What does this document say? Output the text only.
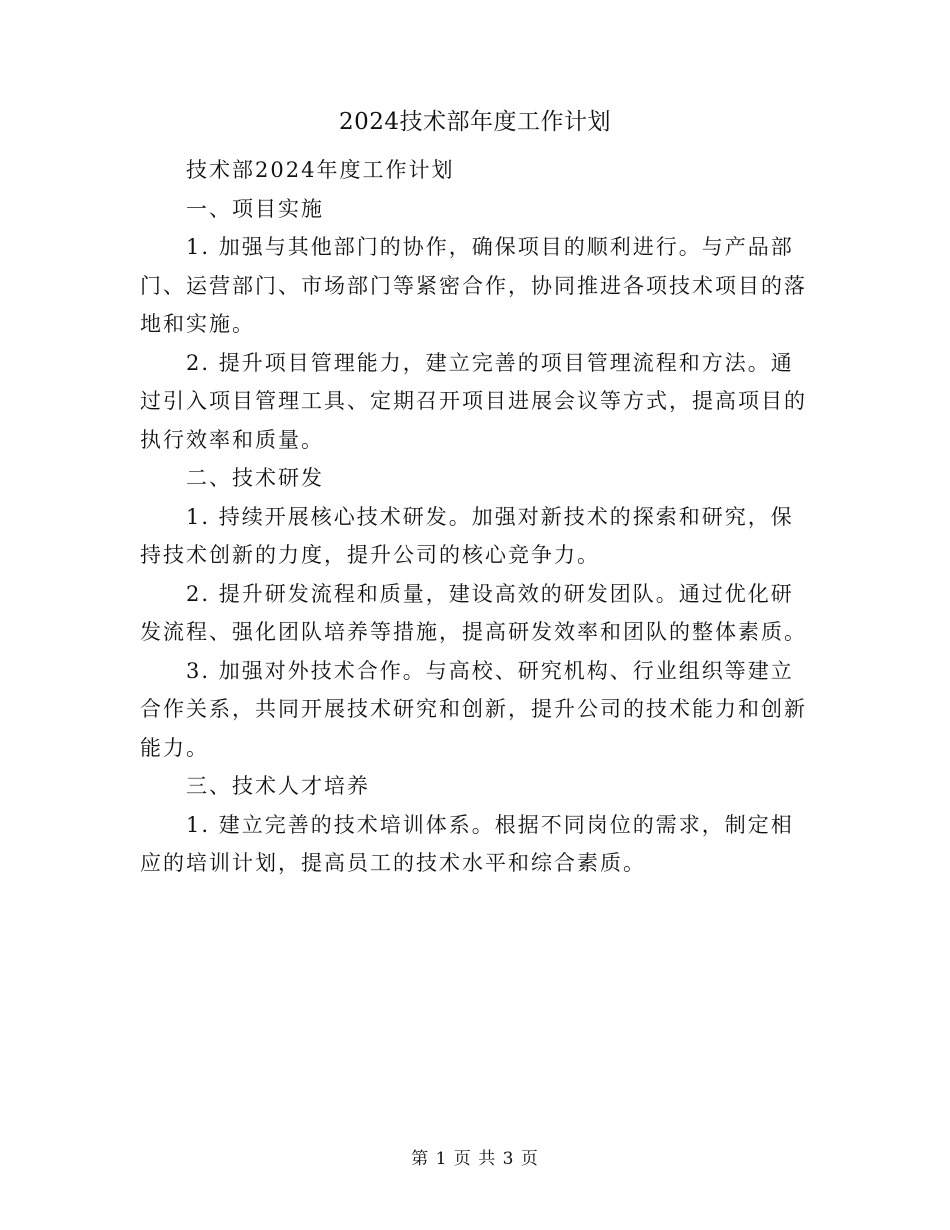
2024技术部年度工作计划

技术部2024年度工作计划

一、项目实施

1. 加强与其他部门的协作，确保项目的顺利进行。与产品部门、运营部门、市场部门等紧密合作，协同推进各项技术项目的落地和实施。

2. 提升项目管理能力，建立完善的项目管理流程和方法。通过引入项目管理工具、定期召开项目进展会议等方式，提高项目的执行效率和质量。

二、技术研发

1. 持续开展核心技术研发。加强对新技术的探索和研究，保持技术创新的力度，提升公司的核心竞争力。

2. 提升研发流程和质量，建设高效的研发团队。通过优化研发流程、强化团队培养等措施，提高研发效率和团队的整体素质。

3. 加强对外技术合作。与高校、研究机构、行业组织等建立合作关系，共同开展技术研究和创新，提升公司的技术能力和创新能力。

三、技术人才培养

1. 建立完善的技术培训体系。根据不同岗位的需求，制定相应的培训计划，提高员工的技术水平和综合素质。

第 1 页 共 3 页
